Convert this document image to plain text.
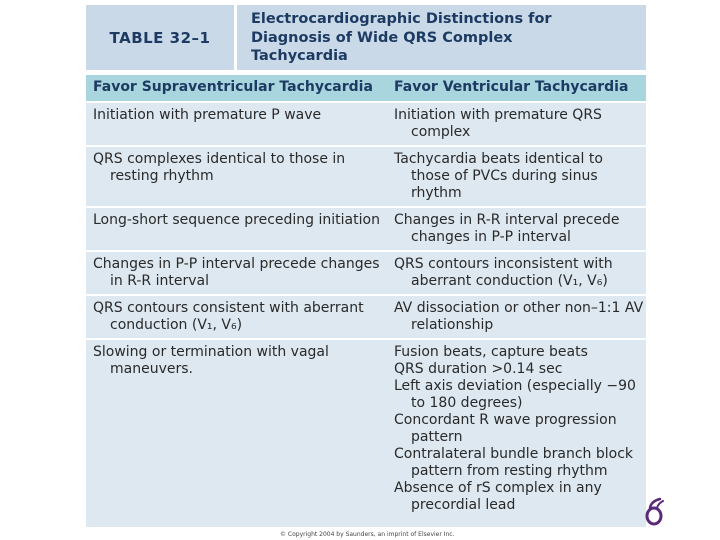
TABLE 32–1
Electrocardiographic Distinctions for
Diagnosis of Wide QRS Complex
Tachycardia
Favor Supraventricular Tachycardia Favor Ventricular Tachycardia
Initiation with premature P wave	Initiation with premature QRS complex
QRS complexes identical to those in resting rhythm
Tachycardia beats identical to those of PVCs during sinus rhythm
Long-short sequence preceding initiation Changes in R-R interval precede changes in P-P interval
Changes in P-P interval precede changes in R-R interval
QRS contours inconsistent with aberrant conduction (V₁, V₆)
QRS contours consistent with aberrant conduction (V₁, V₆)
AV dissociation or other non–1:1 AV relationship
Slowing or termination with vagal maneuvers.
Fusion beats, capture beats
QRS duration >0.14 sec
Left axis deviation (especially −90 to 180 degrees)
Concordant R wave progression pattern
Contralateral bundle branch block pattern from resting rhythm
Absence of rS complex in any precordial lead
© Copyright 2004 by Saunders, an imprint of Elsevier Inc.
